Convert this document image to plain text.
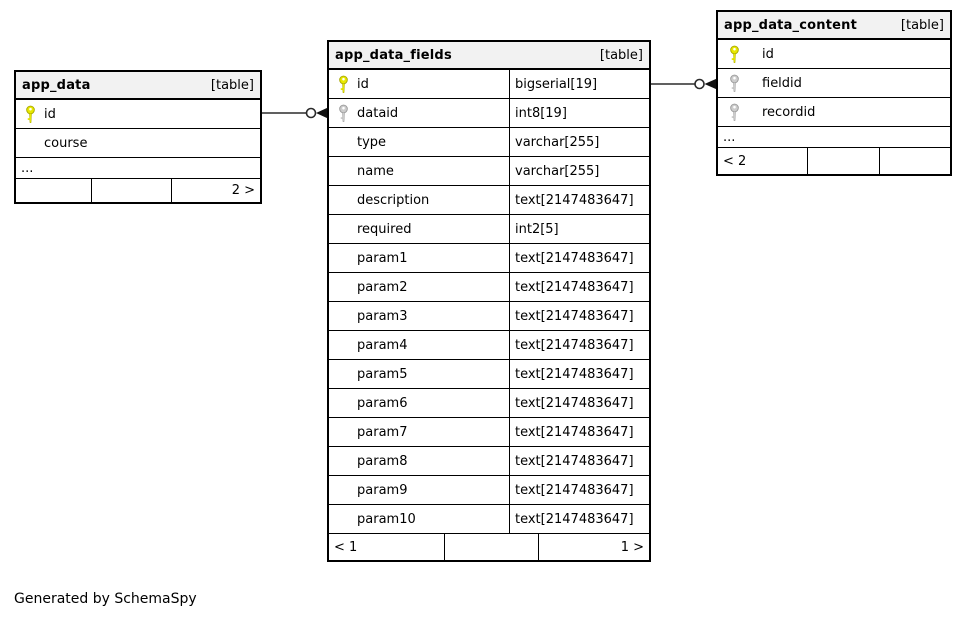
app_data	[table]
id
course
...
2 >
app_data_fields	[table]
id	bigserial[19]
dataid	int8[19]
type	varchar[255]
name	varchar[255]
description	text[2147483647]
required	int2[5]
param1	text[2147483647]
param2	text[2147483647]
param3	text[2147483647]
param4	text[2147483647]
param5	text[2147483647]
param6	text[2147483647]
param7	text[2147483647]
param8	text[2147483647]
param9	text[2147483647]
param10	text[2147483647]
< 1	1 >
app_data_content	[table]
id
fieldid
recordid
...
< 2
Generated by SchemaSpy
